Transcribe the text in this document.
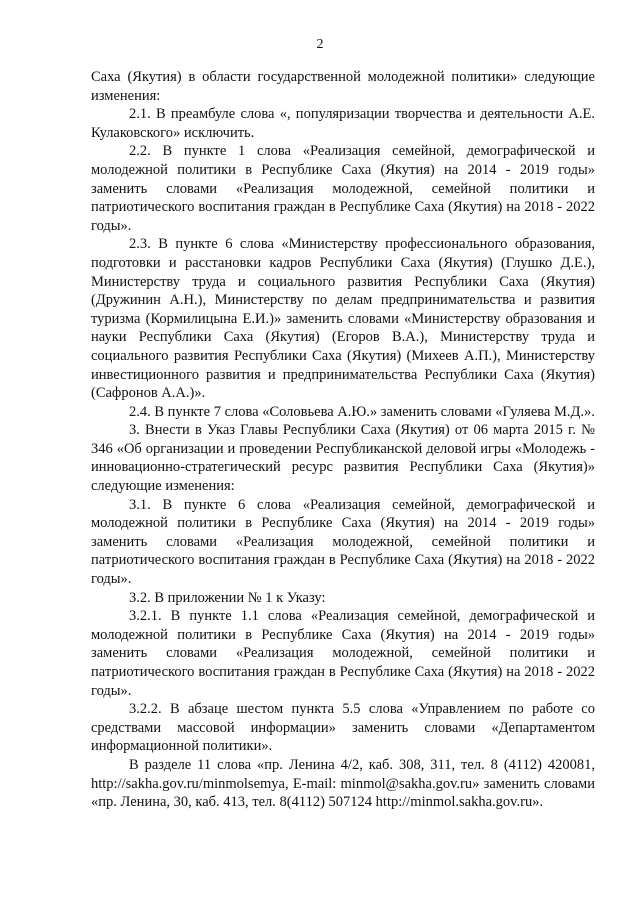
2

Саха (Якутия) в области государственной молодежной политики» следующие изменения:

2.1. В преамбуле слова «, популяризации творчества и деятельности А.Е. Кулаковского» исключить.

2.2. В пункте 1 слова «Реализация семейной, демографической и молодежной политики в Республике Саха (Якутия) на 2014 - 2019 годы» заменить словами «Реализация молодежной, семейной политики и патриотического воспитания граждан в Республике Саха (Якутия) на 2018 - 2022 годы».

2.3. В пункте 6 слова «Министерству профессионального образования, подготовки и расстановки кадров Республики Саха (Якутия) (Глушко Д.Е.), Министерству труда и социального развития Республики Саха (Якутия) (Дружинин А.Н.), Министерству по делам предпринимательства и развития туризма (Кормилицына Е.И.)» заменить словами «Министерству образования и науки Республики Саха (Якутия) (Егоров В.А.), Министерству труда и социального развития Республики Саха (Якутия) (Михеев А.П.), Министерству инвестиционного развития и предпринимательства Республики Саха (Якутия) (Сафронов А.А.)».

2.4. В пункте 7 слова «Соловьева А.Ю.» заменить словами «Гуляева М.Д.».

3. Внести в Указ Главы Республики Саха (Якутия) от 06 марта 2015 г. № 346 «Об организации и проведении Республиканской деловой игры «Молодежь - инновационно-стратегический ресурс развития Республики Саха (Якутия)» следующие изменения:

3.1. В пункте 6 слова «Реализация семейной, демографической и молодежной политики в Республике Саха (Якутия) на 2014 - 2019 годы» заменить словами «Реализация молодежной, семейной политики и патриотического воспитания граждан в Республике Саха (Якутия) на 2018 - 2022 годы».

3.2. В приложении № 1 к Указу:

3.2.1. В пункте 1.1 слова «Реализация семейной, демографической и молодежной политики в Республике Саха (Якутия) на 2014 - 2019 годы» заменить словами «Реализация молодежной, семейной политики и патриотического воспитания граждан в Республике Саха (Якутия) на 2018 - 2022 годы».

3.2.2. В абзаце шестом пункта 5.5 слова «Управлением по работе со средствами массовой информации» заменить словами «Департаментом информационной политики».

В разделе 11 слова «пр. Ленина 4/2, каб. 308, 311, тел. 8 (4112) 420081, http://sakha.gov.ru/minmolsemya, E-mail: minmol@sakha.gov.ru» заменить словами «пр. Ленина, 30, каб. 413, тел. 8(4112) 507124 http://minmol.sakha.gov.ru».
